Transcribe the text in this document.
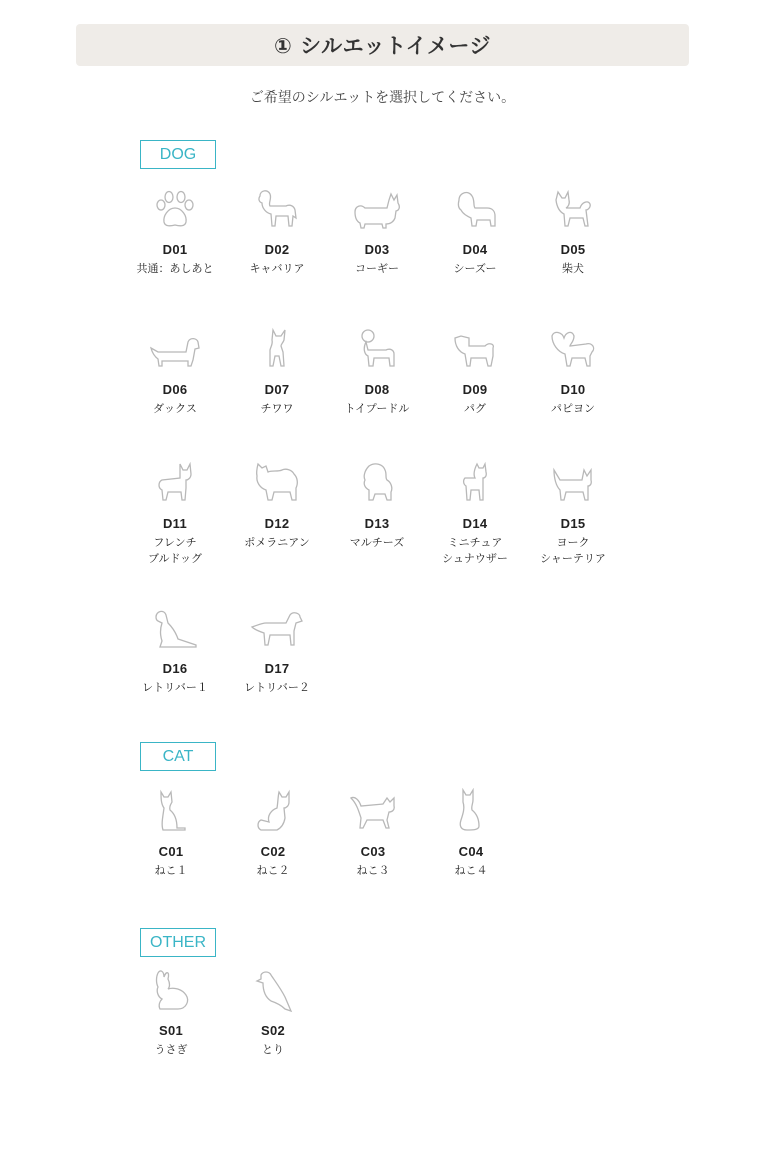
① シルエットイメージ
ご希望のシルエットを選択してください。
DOG
D01
共通：あしあと
D02
キャバリア
D03
コーギー
D04
シーズー
D05
柴犬
D06
ダックス
D07
チワワ
D08
トイプードル
D09
パグ
D10
パピヨン
D11
フレンチ
ブルドッグ
D12
ポメラニアン
D13
マルチーズ
D14
ミニチュア
シュナウザー
D15
ヨーク
シャーテリア
D16
レトリバー１
D17
レトリバー２
CAT
C01
ねこ１
C02
ねこ２
C03
ねこ３
C04
ねこ４
OTHER
S01
うさぎ
S02
とり
